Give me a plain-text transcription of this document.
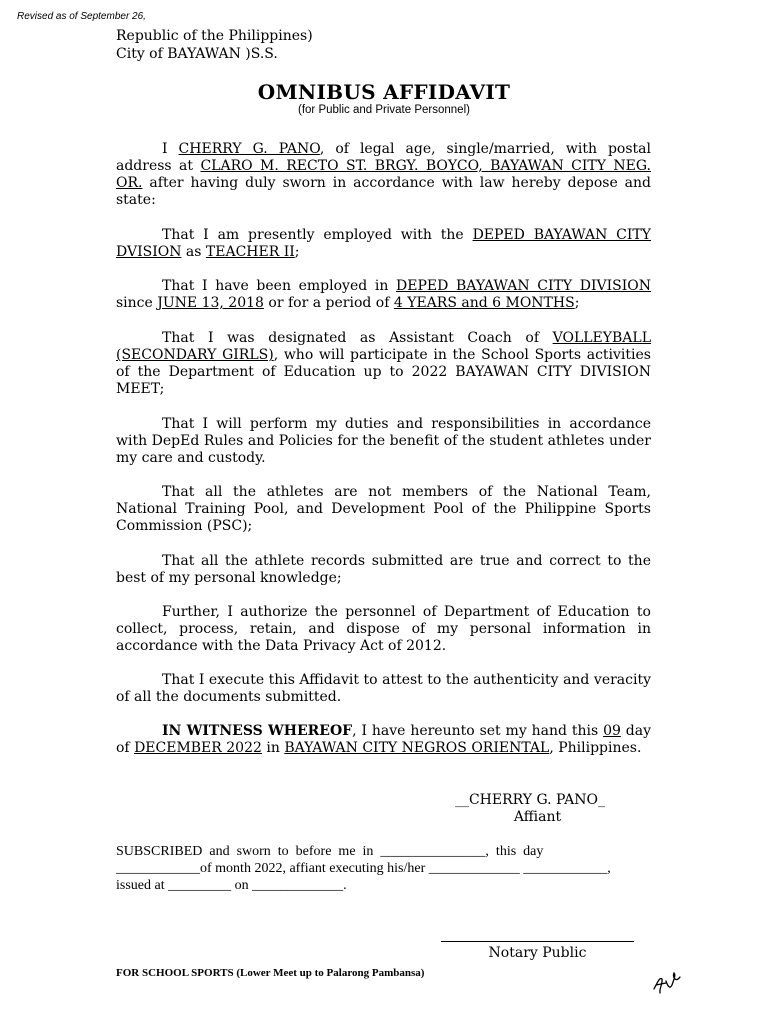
Revised as of September 26,
Republic of the Philippines)
City of BAYAWAN )S.S.
OMNIBUS AFFIDAVIT
(for Public and Private Personnel)
I CHERRY G. PANO, of legal age, single/married, with postal address at CLARO M. RECTO ST. BRGY. BOYCO, BAYAWAN CITY NEG. OR. after having duly sworn in accordance with law hereby depose and state:
That I am presently employed with the DEPED BAYAWAN CITY DVISION as TEACHER II;
That I have been employed in DEPED BAYAWAN CITY DIVISION since JUNE 13, 2018 or for a period of 4 YEARS and 6 MONTHS;
That I was designated as Assistant Coach of VOLLEYBALL (SECONDARY GIRLS), who will participate in the School Sports activities of the Department of Education up to 2022 BAYAWAN CITY DIVISION MEET;
That I will perform my duties and responsibilities in accordance with DepEd Rules and Policies for the benefit of the student athletes under my care and custody.
That all the athletes are not members of the National Team, National Training Pool, and Development Pool of the Philippine Sports Commission (PSC);
That all the athlete records submitted are true and correct to the best of my personal knowledge;
Further, I authorize the personnel of Department of Education to collect, process, retain, and dispose of my personal information in accordance with the Data Privacy Act of 2012.
That I execute this Affidavit to attest to the authenticity and veracity of all the documents submitted.
IN WITNESS WHEREOF, I have hereunto set my hand this 09 day of DECEMBER 2022 in BAYAWAN CITY NEGROS ORIENTAL, Philippines.
__CHERRY G. PANO_
Affiant
SUBSCRIBED  and  sworn  to  before  me  in  _______________,  this  day
____________of month 2022, affiant executing his/her _____________ ____________,
issued at _________ on _____________.
Notary Public
FOR SCHOOL SPORTS (Lower Meet up to Palarong Pambansa)
